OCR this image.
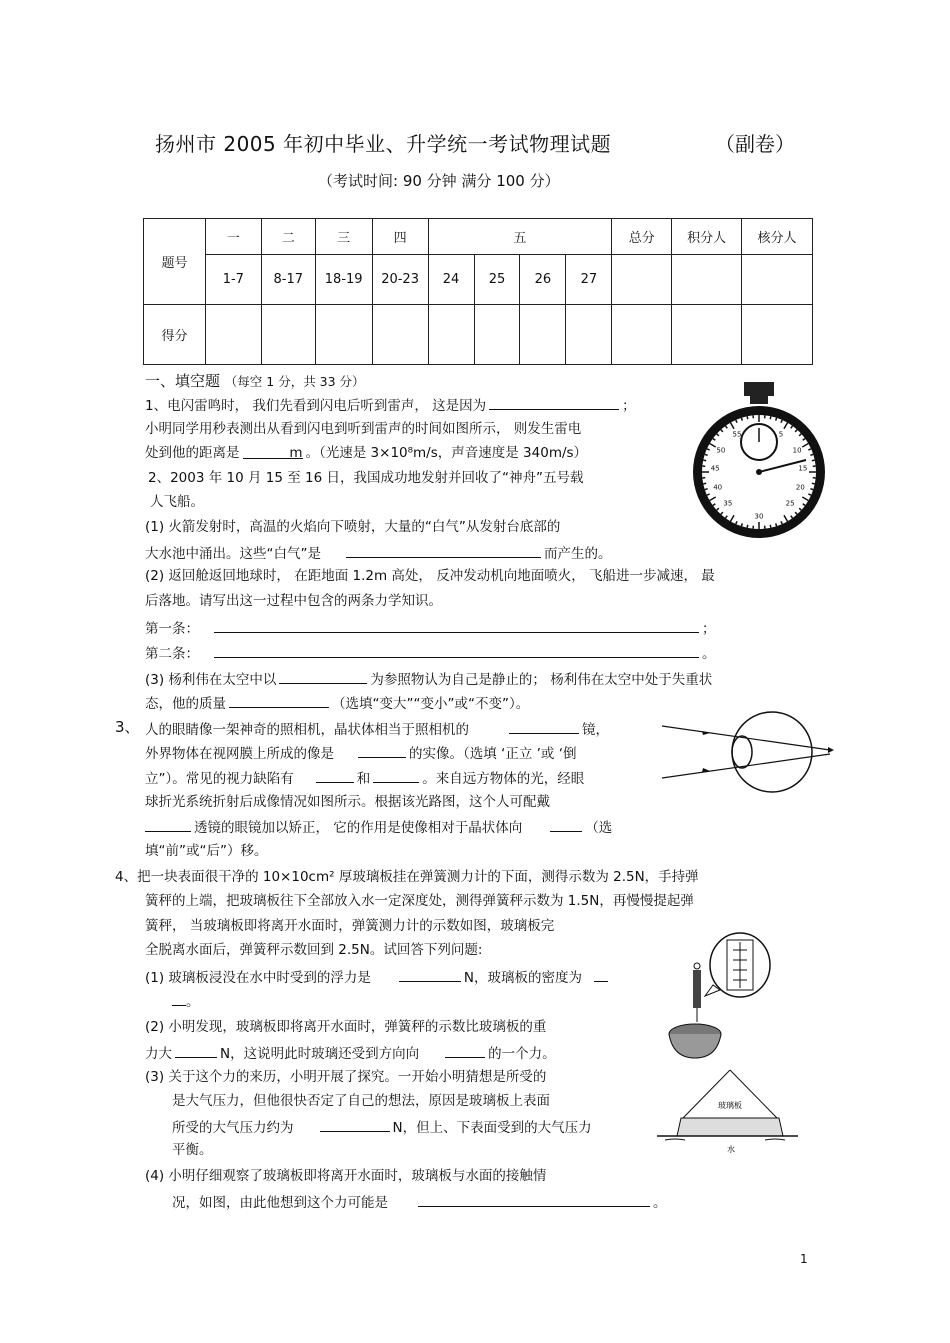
扬州市 2005 年初中毕业、升学统一考试物理试题	（副卷）
（考试时间: 90 分钟 满分 100 分）
题号	一	二	三	四	五				总分	积分人	核分人
	1-7	8-17	18-19	20-23	24	25	26	27			
得分											
一、填空题 （每空 1 分，共 33 分）
1、电闪雷鸣时， 我们先看到闪电后听到雷声， 这是因为	；
小明同学用秒表测出从看到闪电到听到雷声的时间如图所示， 则发生雷电
处到他的距离是	m 。（光速是 3×10⁸m/s，声音速度是 340m/s）
2、2003 年 10 月 15 至 16 日，我国成功地发射并回收了“神舟”五号载
人飞船。
(1) 火箭发射时，高温的火焰向下喷射，大量的“白气”从发射台底部的
大水池中涌出。这些“白气”是	而产生的。
(2) 返回舱返回地球时， 在距地面 1.2m 高处， 反冲发动机向地面喷火， 飞船进一步减速， 最
后落地。请写出这一过程中包含的两条力学知识。
第一条：	；
第二条：	。
(3) 杨利伟在太空中以	为参照物认为自己是静止的； 杨利伟在太空中处于失重状
态，他的质量	（选填“变大”“变小”或“不变”）。
3、 人的眼睛像一架神奇的照相机，晶状体相当于照相机的	镜，
外界物体在视网膜上所成的像是	的实像。（选填 ‘正立 ’或 ‘倒
立”）。常见的视力缺陷有	和	。来自远方物体的光，经眼
球折光系统折射后成像情况如图所示。根据该光路图，这个人可配戴
透镜的眼镜加以矫正， 它的作用是使像相对于晶状体向	（选
填“前”或“后”）移。
4、把一块表面很干净的 10×10cm² 厚玻璃板挂在弹簧测力计的下面，测得示数为 2.5N，手持弹
簧秤的上端，把玻璃板往下全部放入水一定深度处，测得弹簧秤示数为 1.5N，再慢慢提起弹
簧秤， 当玻璃板即将离开水面时，弹簧测力计的示数如图，玻璃板完
全脱离水面后，弹簧秤示数回到 2.5N。试回答下列问题:
(1) 玻璃板浸没在水中时受到的浮力是	N，玻璃板的密度为
。
(2) 小明发现，玻璃板即将离开水面时，弹簧秤的示数比玻璃板的重
力大	N，这说明此时玻璃还受到方向向	的一个力。
(3) 关于这个力的来历，小明开展了探究。一开始小明猜想是所受的
是大气压力，但他很快否定了自己的想法，原因是玻璃板上表面
所受的大气压力约为	N，但上、下表面受到的大气压力
平衡。
(4) 小明仔细观察了玻璃板即将离开水面时，玻璃板与水面的接触情
况，如图，由此他想到这个力可能是	。
55	5
50	10
45	15
40	20
35	25
30
玻璃板
水
1
